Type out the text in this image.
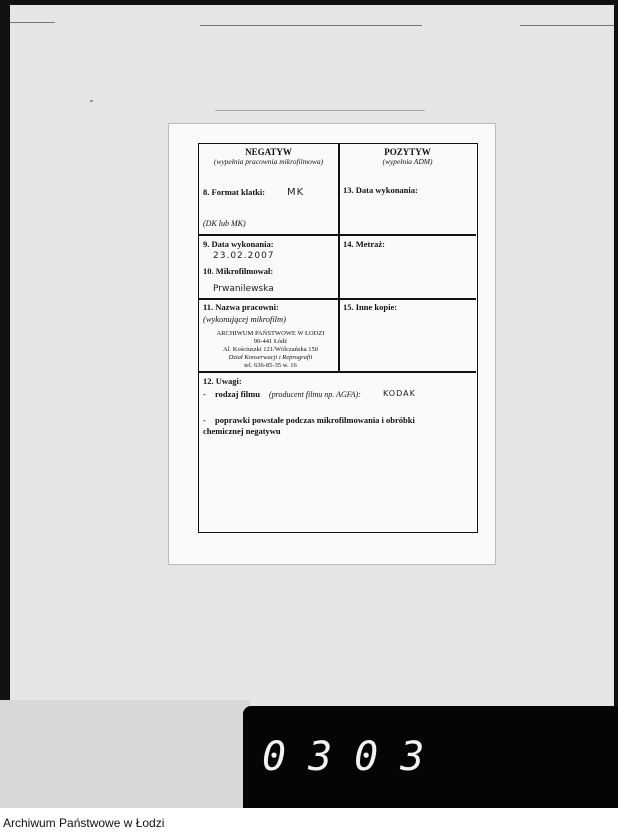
NEGATYW
(wypełnia pracownia mikrofilmowa)
POZYTYW
(wypełnia ADM)
8. Format klatki: MK
(DK lub MK)
13. Data wykonania:
9. Data wykonania:
23.02.2007
10. Mikrofilmował:
Prwanilewska
14. Metraż:
11. Nazwa pracowni:
(wykonującej mikrofilm)
15. Inne kopie:
ARCHIWUM PAŃSTWOWE W ŁODZI
90-441 Łódź
Al. Kościuszki 121/Wólczańska 150
Dział Konserwacji i Reprografii
tel. 636-85-35 w. 16
12. Uwagi:
- rodzaj filmu (producent filmu np. AGFA):	KODAK
- poprawki powstałe podczas mikrofilmowania i obróbki
chemicznej negatywu
0303
Archiwum Państwowe w Łodzi
